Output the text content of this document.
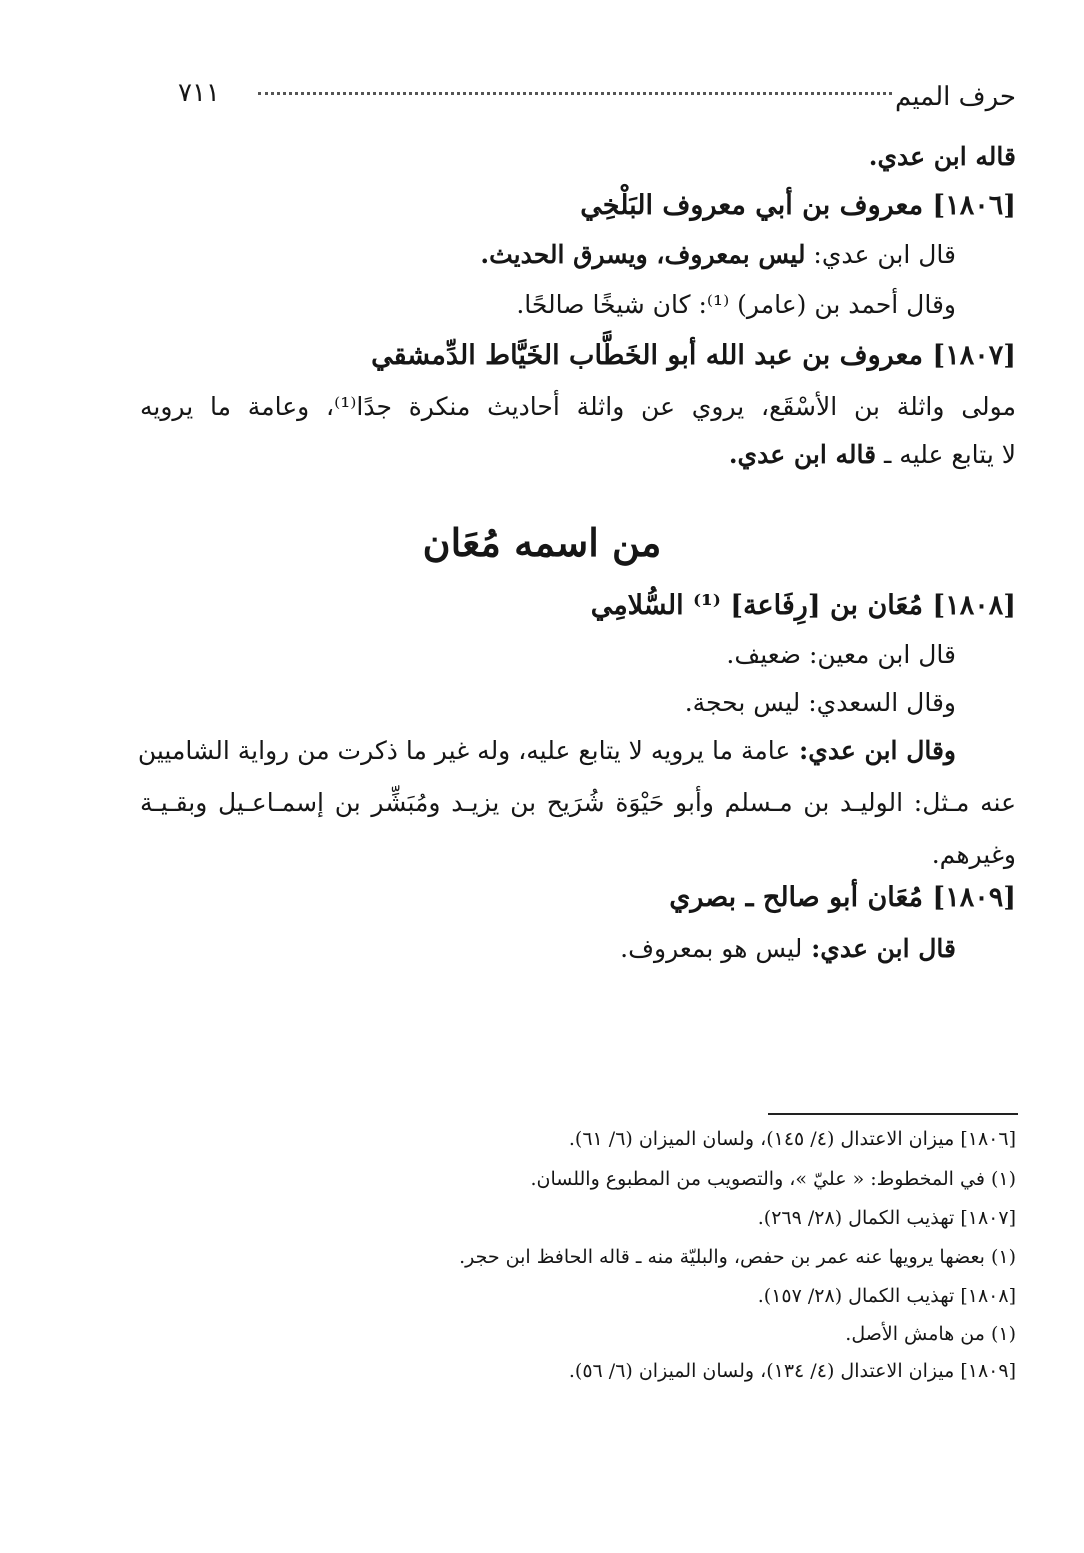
حرف الميم
٧١١
قاله ابن عدي.
[١٨٠٦] معروف بن أبي معروف البَلْخِي
قال ابن عدي: ليس بمعروف، ويسرق الحديث.
وقال أحمد بن (عامر) ⁽¹⁾: كان شيخًا صالحًا.
[١٨٠٧] معروف بن عبد الله أبو الخَطَّاب الخَيَّاط الدِّمشقي
مولى واثلة بن الأسْقَع، يروي عن واثلة أحاديث منكرة جدًا⁽¹⁾، وعامة ما يرويه
لا يتابع عليه ـ قاله ابن عدي.
من اسمه مُعَان
[١٨٠٨] مُعَان بن [رِفَاعة] ⁽¹⁾ السُّلامِي
قال ابن معين: ضعيف.
وقال السعدي: ليس بحجة.
وقال ابن عدي: عامة ما يرويه لا يتابع عليه، وله غير ما ذكرت من رواية الشاميين
عنه مـثل: الوليـد بن مـسلم وأبو حَيْوَة شُرَيح بن يزيـد ومُبَشِّر بن إسمـاعـيل وبقـيـة
وغيرهم.
[١٨٠٩] مُعَان أبو صالح ـ بصري
قال ابن عدي: ليس هو بمعروف.
[١٨٠٦] ميزان الاعتدال (٤/ ١٤٥)، ولسان الميزان (٦/ ٦١).
(١) في المخطوط: « عليّ »، والتصويب من المطبوع واللسان.
[١٨٠٧] تهذيب الكمال (٢٨/ ٢٦٩).
(١) بعضها يرويها عنه عمر بن حفص، والبليّة منه ـ قاله الحافظ ابن حجر.
[١٨٠٨] تهذيب الكمال (٢٨/ ١٥٧).
(١) من هامش الأصل.
[١٨٠٩] ميزان الاعتدال (٤/ ١٣٤)، ولسان الميزان (٦/ ٥٦).
